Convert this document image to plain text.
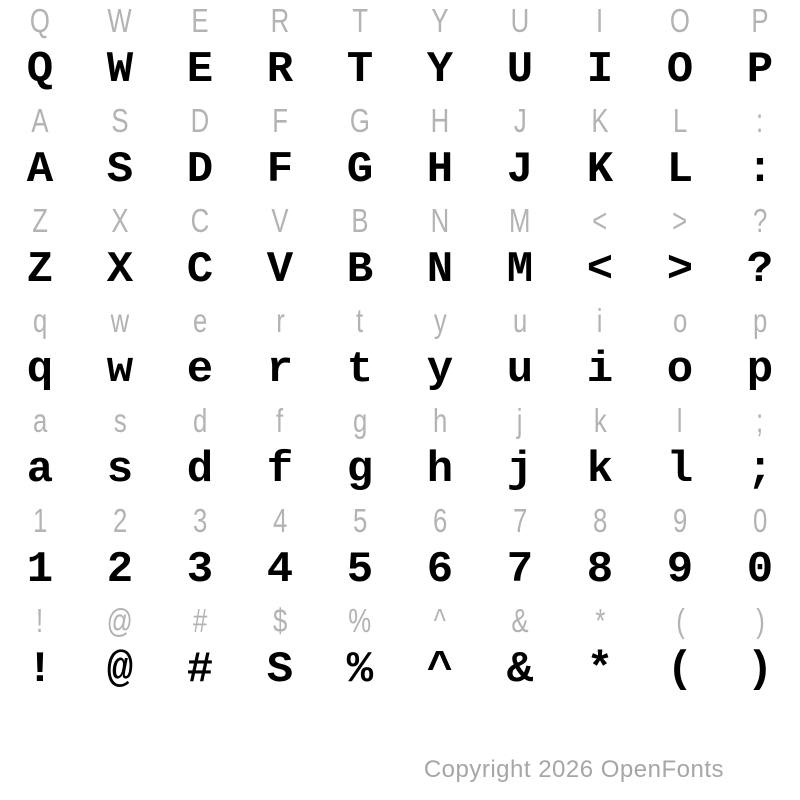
Q W E R T Y U I O P
Q W E R T Y U I O P
A S D F G H J K L :
A S D F G H J K L :
Z X C V B N M < > ?
Z X C V B N M < > ?
q w e r t y u i o p
q w e r t y u i o p
a s d f g h j k l ;
a s d f g h j k l ;
1 2 3 4 5 6 7 8 9 0
1 2 3 4 5 6 7 8 9 0
! @ # $ % ^ & * ( )
! @ # S % ^ & * ( )
Copyright 2026 OpenFonts
